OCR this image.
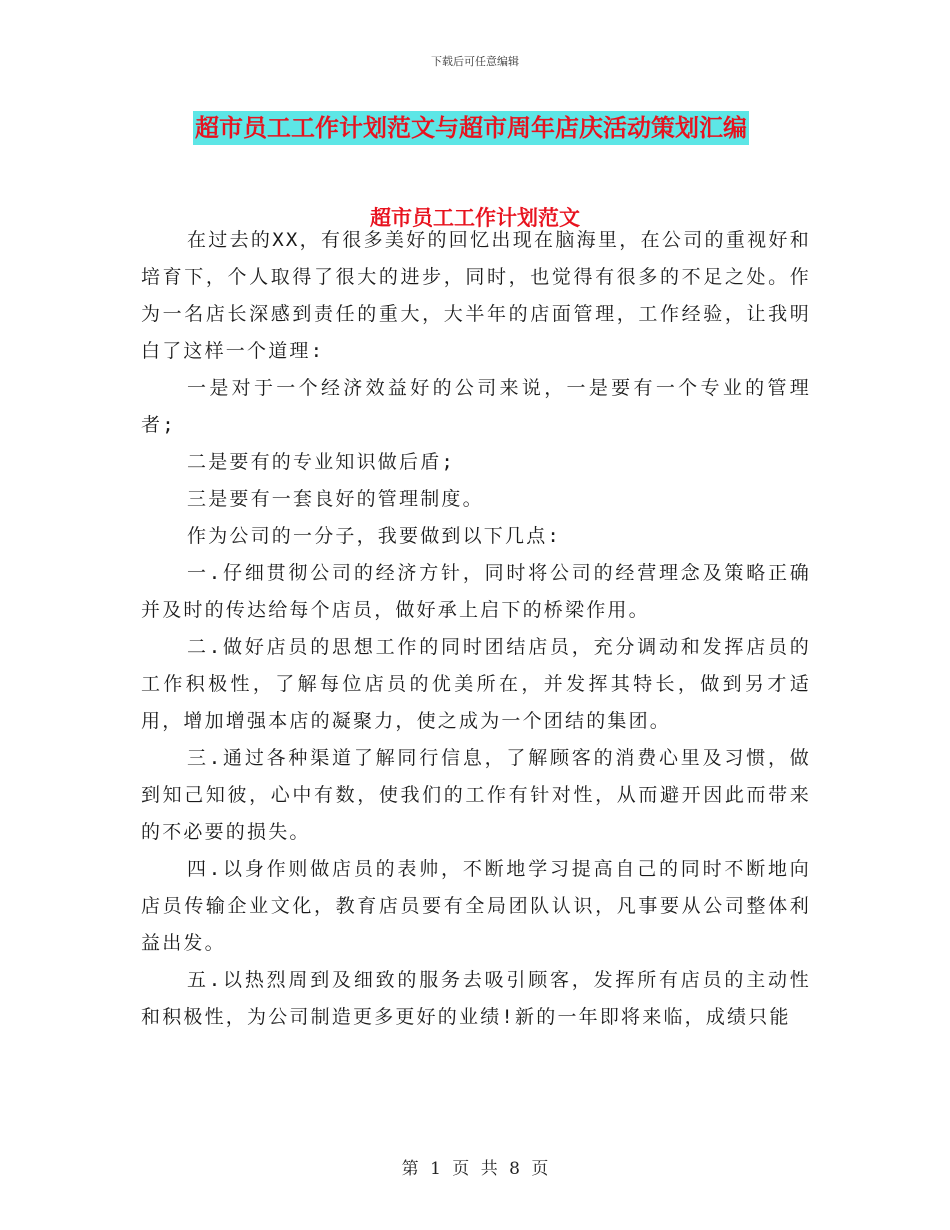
下载后可任意编辑
超市员工工作计划范文与超市周年店庆活动策划汇编
超市员工工作计划范文

在过去的XX，有很多美好的回忆出现在脑海里，在公司的重视好和培育下，个人取得了很大的进步，同时，也觉得有很多的不足之处。作为一名店长深感到责任的重大，大半年的店面管理，工作经验，让我明白了这样一个道理:

一是对于一个经济效益好的公司来说，一是要有一个专业的管理者;

二是要有的专业知识做后盾;

三是要有一套良好的管理制度。

作为公司的一分子，我要做到以下几点:

一.仔细贯彻公司的经济方针，同时将公司的经营理念及策略正确并及时的传达给每个店员，做好承上启下的桥梁作用。

二.做好店员的思想工作的同时团结店员，充分调动和发挥店员的工作积极性，了解每位店员的优美所在，并发挥其特长，做到另才适用，增加增强本店的凝聚力，使之成为一个团结的集团。

三.通过各种渠道了解同行信息，了解顾客的消费心里及习惯，做到知己知彼，心中有数，使我们的工作有针对性，从而避开因此而带来的不必要的损失。

四.以身作则做店员的表帅，不断地学习提高自己的同时不断地向店员传输企业文化，教育店员要有全局团队认识，凡事要从公司整体利益出发。

五.以热烈周到及细致的服务去吸引顾客，发挥所有店员的主动性和积极性，为公司制造更多更好的业绩!新的一年即将来临，成绩只能

第 1 页 共 8 页
